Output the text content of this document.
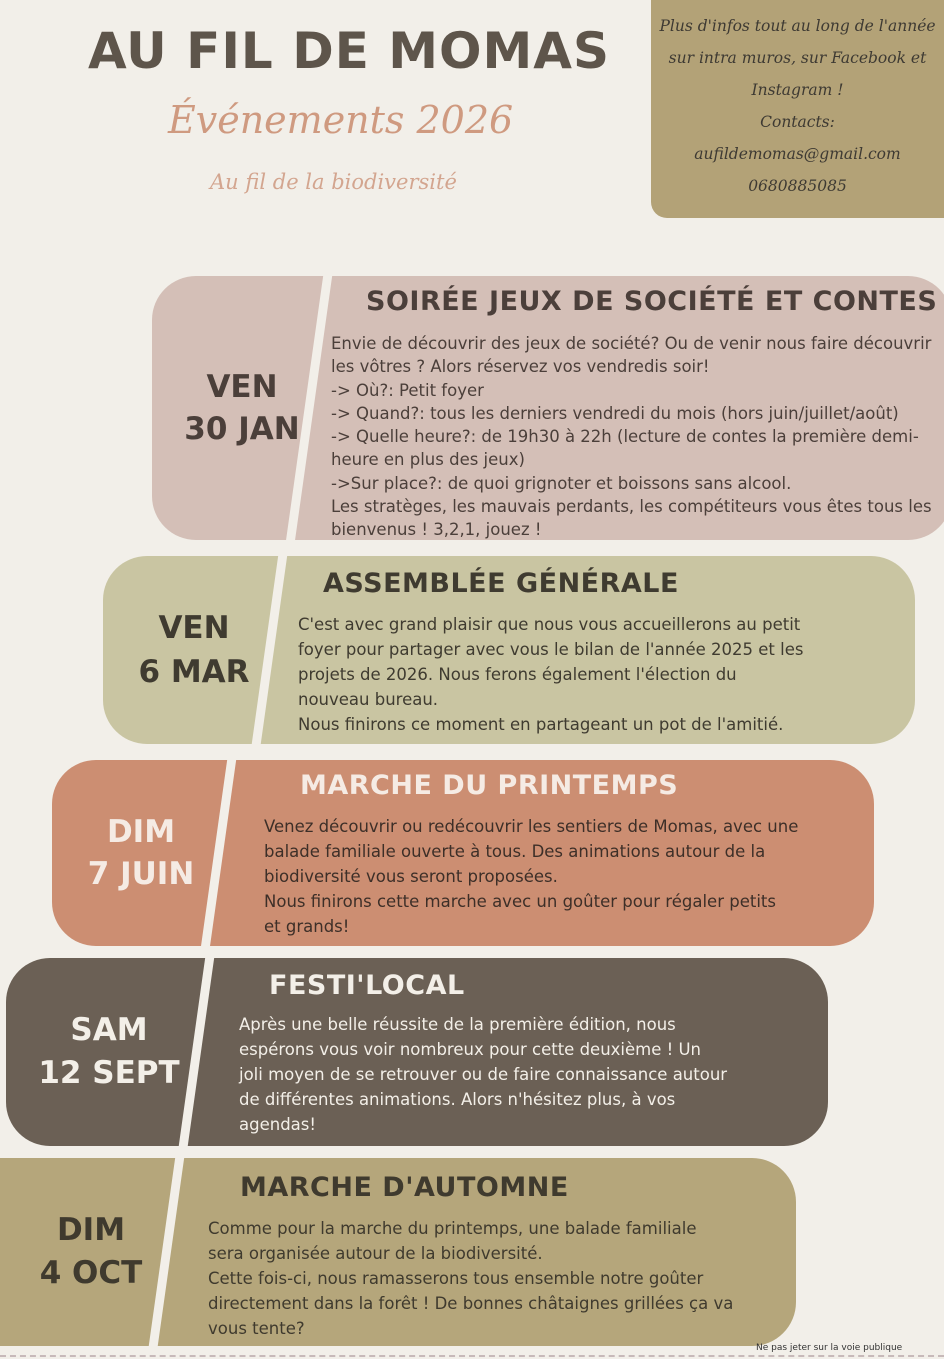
AU FIL DE MOMAS
Événements 2026
Au fil de la biodiversité
Plus d'infos tout au long de l'année
sur intra muros, sur Facebook et
Instagram !
Contacts:
aufildemomas@gmail.com
0680885085
VEN
30 JAN
SOIRÉE JEUX DE SOCIÉTÉ ET CONTES
Envie de découvrir des jeux de société? Ou de venir nous faire découvrir
les vôtres ? Alors réservez vos vendredis soir!
-> Où?: Petit foyer
-> Quand?: tous les derniers vendredi du mois (hors juin/juillet/août)
-> Quelle heure?: de 19h30 à 22h (lecture de contes la première demi-
heure en plus des jeux)
->Sur place?: de quoi grignoter et boissons sans alcool.
Les stratèges, les mauvais perdants, les compétiteurs vous êtes tous les
bienvenus ! 3,2,1, jouez !
VEN
6 MAR
ASSEMBLÉE GÉNÉRALE
C'est avec grand plaisir que nous vous accueillerons au petit
foyer pour partager avec vous le bilan de l'année 2025 et les
projets de 2026. Nous ferons également l'élection du
nouveau bureau.
Nous finirons ce moment en partageant un pot de l'amitié.
DIM
7 JUIN
MARCHE DU PRINTEMPS
Venez découvrir ou redécouvrir les sentiers de Momas, avec une
balade familiale ouverte à tous. Des animations autour de la
biodiversité vous seront proposées.
Nous finirons cette marche avec un goûter pour régaler petits
et grands!
SAM
12 SEPT
FESTI'LOCAL
Après une belle réussite de la première édition, nous
espérons vous voir nombreux pour cette deuxième ! Un
joli moyen de se retrouver ou de faire connaissance autour
de différentes animations. Alors n'hésitez plus, à vos
agendas!
DIM
4 OCT
MARCHE D'AUTOMNE
Comme pour la marche du printemps, une balade familiale
sera organisée autour de la biodiversité.
Cette fois-ci, nous ramasserons tous ensemble notre goûter
directement dans la forêt ! De bonnes châtaignes grillées ça va
vous tente?
Ne pas jeter sur la voie publique
